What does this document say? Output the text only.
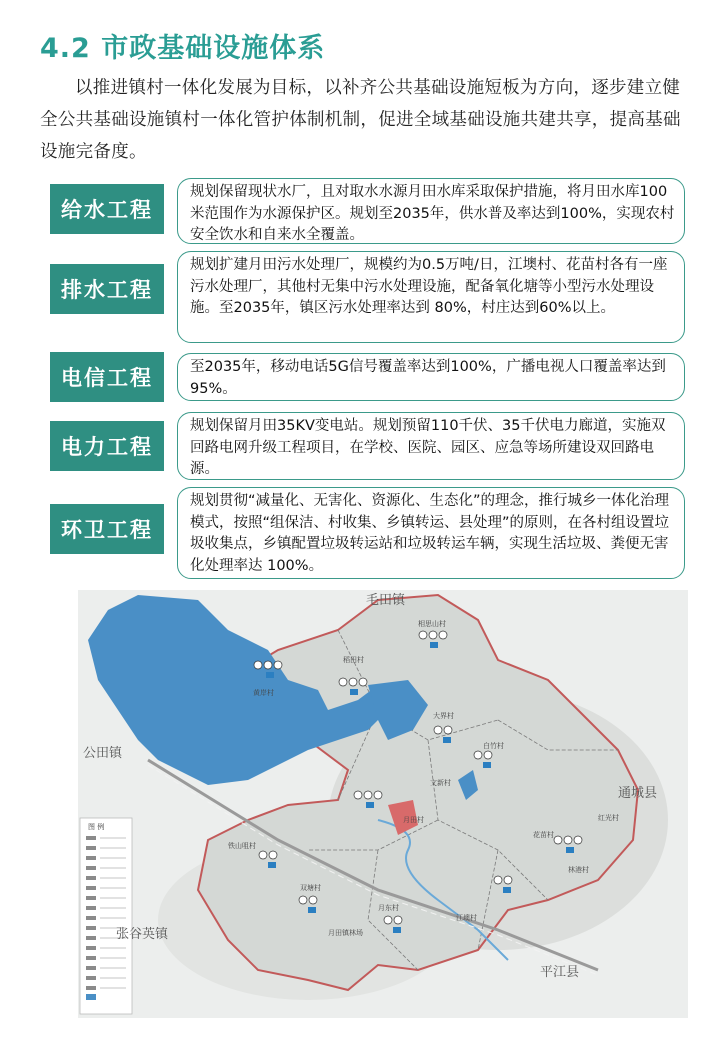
4.2 市政基础设施体系
以推进镇村一体化发展为目标，以补齐公共基础设施短板为方向，逐步建立健全公共基础设施镇村一体化管护体制机制，促进全域基础设施共建共享，提高基础设施完备度。
给水工程
规划保留现状水厂，且对取水水源月田水库采取保护措施，将月田水库100米范围作为水源保护区。规划至2035年，供水普及率达到100%，实现农村安全饮水和自来水全覆盖。
排水工程
规划扩建月田污水处理厂，规模约为0.5万吨/日，江墺村、花苗村各有一座污水处理厂，其他村无集中污水处理设施，配备氧化塘等小型污水处理设施。至2035年，镇区污水处理率达到 80%，村庄达到60%以上。
电信工程	至2035年，移动电话5G信号覆盖率达到100%，广播电视人口覆盖率达到95%。
电力工程
规划保留月田35KV变电站。规划预留110千伏、35千伏电力廊道，实施双回路电网升级工程项目，在学校、医院、园区、应急等场所建设双回路电源。
环卫工程
规划贯彻“减量化、无害化、资源化、生态化”的理念，推行城乡一体化治理模式，按照“组保洁、村收集、乡镇转运、县处理”的原则，在各村组设置垃圾收集点，乡镇配置垃圾转运站和垃圾转运车辆，实现生活垃圾、粪便无害化处理率达 100%。
图 例
毛田镇
公田镇
通城县
张谷英镇
平江县
相思山村
稻田村
黄岸村
大界村
白竹村
文新村
月田村
铁山咀村
双塘村
红光村
花苗村
林港村
江墺村
月东村
月田镇林场
